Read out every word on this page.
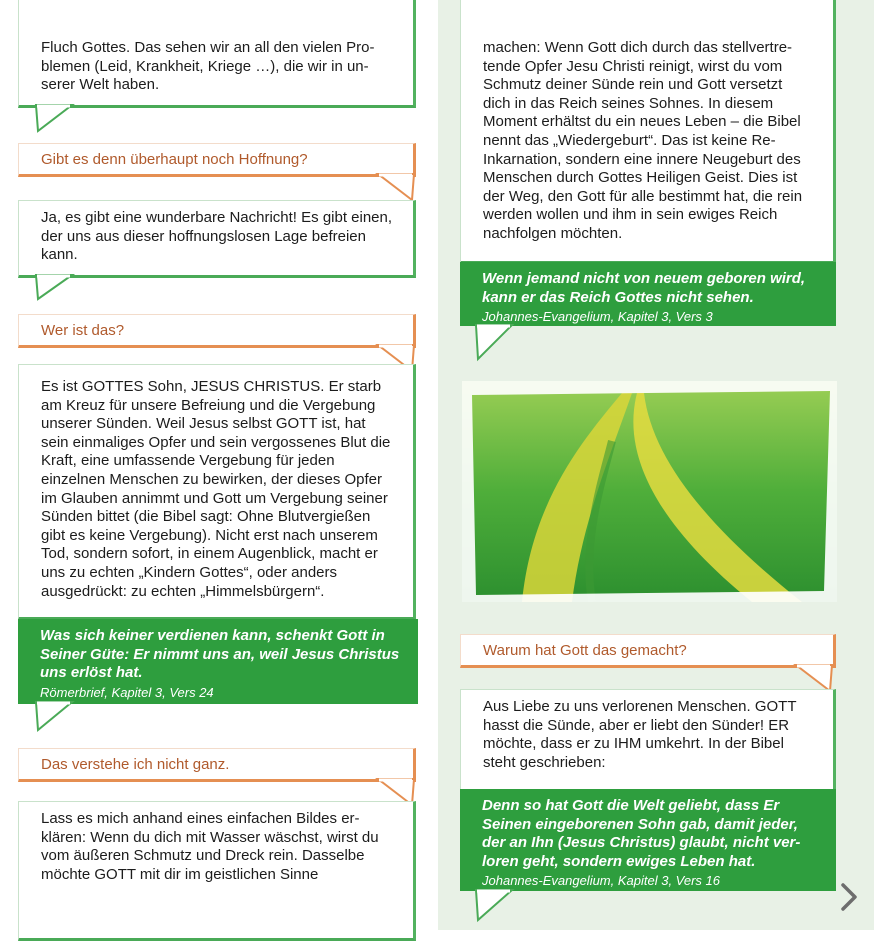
Fluch Gottes. Das sehen wir an all den vielen Problemen (Leid, Krankheit, Kriege …), die wir in unserer Welt haben.
Gibt es denn überhaupt noch Hoffnung?
Ja, es gibt eine wunderbare Nachricht! Es gibt einen, der uns aus dieser hoffnungslosen Lage befreien kann.
Wer ist das?
Es ist GOTTES Sohn, JESUS CHRISTUS. Er starb am Kreuz für unsere Befreiung und die Vergebung unserer Sünden. Weil Jesus selbst GOTT ist, hat sein einmaliges Opfer und sein vergossenes Blut die Kraft, eine umfassende Vergebung für jeden einzelnen Menschen zu bewirken, der dieses Opfer im Glauben annimmt und Gott um Vergebung seiner Sünden bittet (die Bibel sagt: Ohne Blutvergießen gibt es keine Vergebung). Nicht erst nach unserem Tod, sondern sofort, in einem Augenblick, macht er uns zu echten „Kindern Gottes“, oder anders ausgedrückt: zu echten „Himmelsbürgern“.
Was sich keiner verdienen kann, schenkt Gott in Seiner Güte: Er nimmt uns an, weil Jesus Christus uns erlöst hat.
Römerbrief, Kapitel 3, Vers 24
Das verstehe ich nicht ganz.
Lass es mich anhand eines einfachen Bildes erklären: Wenn du dich mit Wasser wäschst, wirst du vom äußeren Schmutz und Dreck rein. Dasselbe möchte GOTT mit dir im geistlichen Sinne
machen: Wenn Gott dich durch das stellvertretende Opfer Jesu Christi reinigt, wirst du vom Schmutz deiner Sünde rein und Gott versetzt dich in das Reich seines Sohnes. In diesem Moment erhältst du ein neues Leben – die Bibel nennt das „Wiedergeburt“. Das ist keine Re-Inkarnation, sondern eine innere Neugeburt des Menschen durch Gottes Heiligen Geist. Dies ist der Weg, den Gott für alle bestimmt hat, die rein werden wollen und ihm in sein ewiges Reich nachfolgen möchten.
Wenn jemand nicht von neuem geboren wird, kann er das Reich Gottes nicht sehen.
Johannes-Evangelium, Kapitel 3, Vers 3
Warum hat Gott das gemacht?
Aus Liebe zu uns verlorenen Menschen. GOTT hasst die Sünde, aber er liebt den Sünder! ER möchte, dass er zu IHM umkehrt. In der Bibel steht geschrieben:
Denn so hat Gott die Welt geliebt, dass Er Seinen eingeborenen Sohn gab, damit jeder, der an Ihn (Jesus Christus) glaubt, nicht verloren geht, sondern ewiges Leben hat.
Johannes-Evangelium, Kapitel 3, Vers 16
